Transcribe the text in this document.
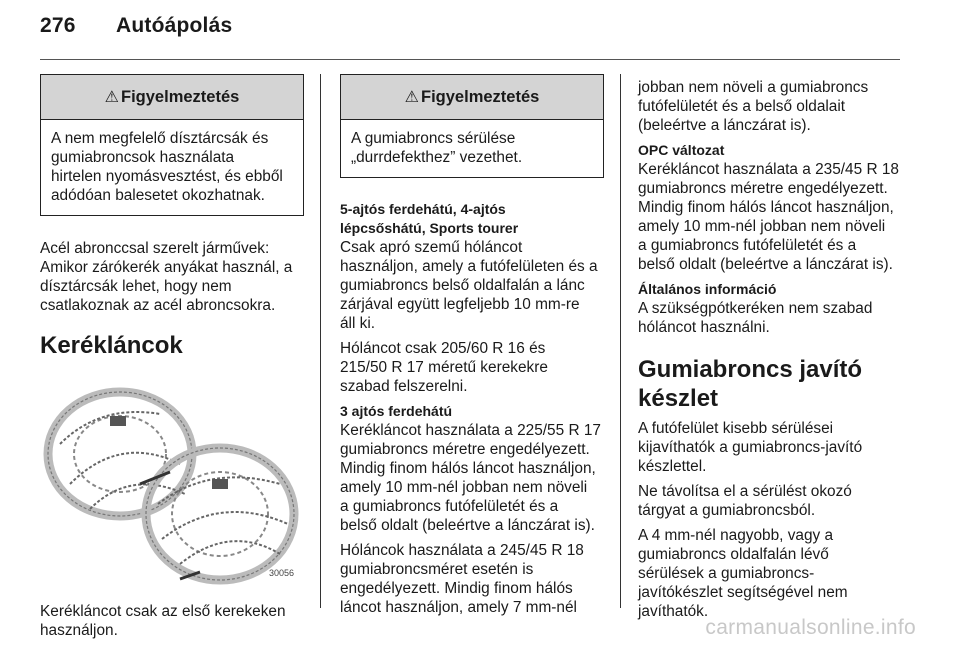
276 Autóápolás
⚠ Figyelmeztetés
A nem megfelelő dísztárcsák és
gumiabroncsok használata
hirtelen nyomásvesztést, és ebből
adódóan balesetet okozhatnak.

Acél abronccsal szerelt járművek:
Amikor zárókerék anyákat használ, a
dísztárcsák lehet, hogy nem
csatlakoznak az acél abroncsokra.

Kerékláncok
30056

Kerékláncot csak az első kerekeken
használjon.

⚠ Figyelmeztetés
A gumiabroncs sérülése
„durrdefekthez” vezethet.

5-ajtós ferdehátú, 4-ajtós
lépcsőshátú, Sports tourer
Csak apró szemű hóláncot
használjon, amely a futófelületen és a
gumiabroncs belső oldalfalán a lánc
zárjával együtt legfeljebb 10 mm-re
áll ki.

Hóláncot csak 205/60 R 16 és
215/50 R 17 méretű kerekekre
szabad felszerelni.

3 ajtós ferdehátú
Kerékláncot használata a 225/55 R 17
gumiabroncs méretre engedélyezett.
Mindig finom hálós láncot használjon,
amely 10 mm-nél jobban nem növeli
a gumiabroncs futófelületét és a
belső oldalt (beleértve a lánczárat is).

Hóláncok használata a 245/45 R 18
gumiabroncsméret esetén is
engedélyezett. Mindig finom hálós
láncot használjon, amely 7 mm-nél

jobban nem növeli a gumiabroncs
futófelületét és a belső oldalait
(beleértve a lánczárat is).

OPC változat
Kerékláncot használata a 235/45 R 18
gumiabroncs méretre engedélyezett.
Mindig finom hálós láncot használjon,
amely 10 mm-nél jobban nem növeli
a gumiabroncs futófelületét és a
belső oldalt (beleértve a lánczárat is).

Általános információ
A szükségpótkeréken nem szabad
hóláncot használni.

Gumiabroncs javító
készlet

A futófelület kisebb sérülései
kijavíthatók a gumiabroncs-javító
készlettel.

Ne távolítsa el a sérülést okozó
tárgyat a gumiabroncsból.

A 4 mm-nél nagyobb, vagy a
gumiabroncs oldalfalán lévő
sérülések a gumiabroncs-
javítókészlet segítségével nem
javíthatók.

carmanualsonline.info
